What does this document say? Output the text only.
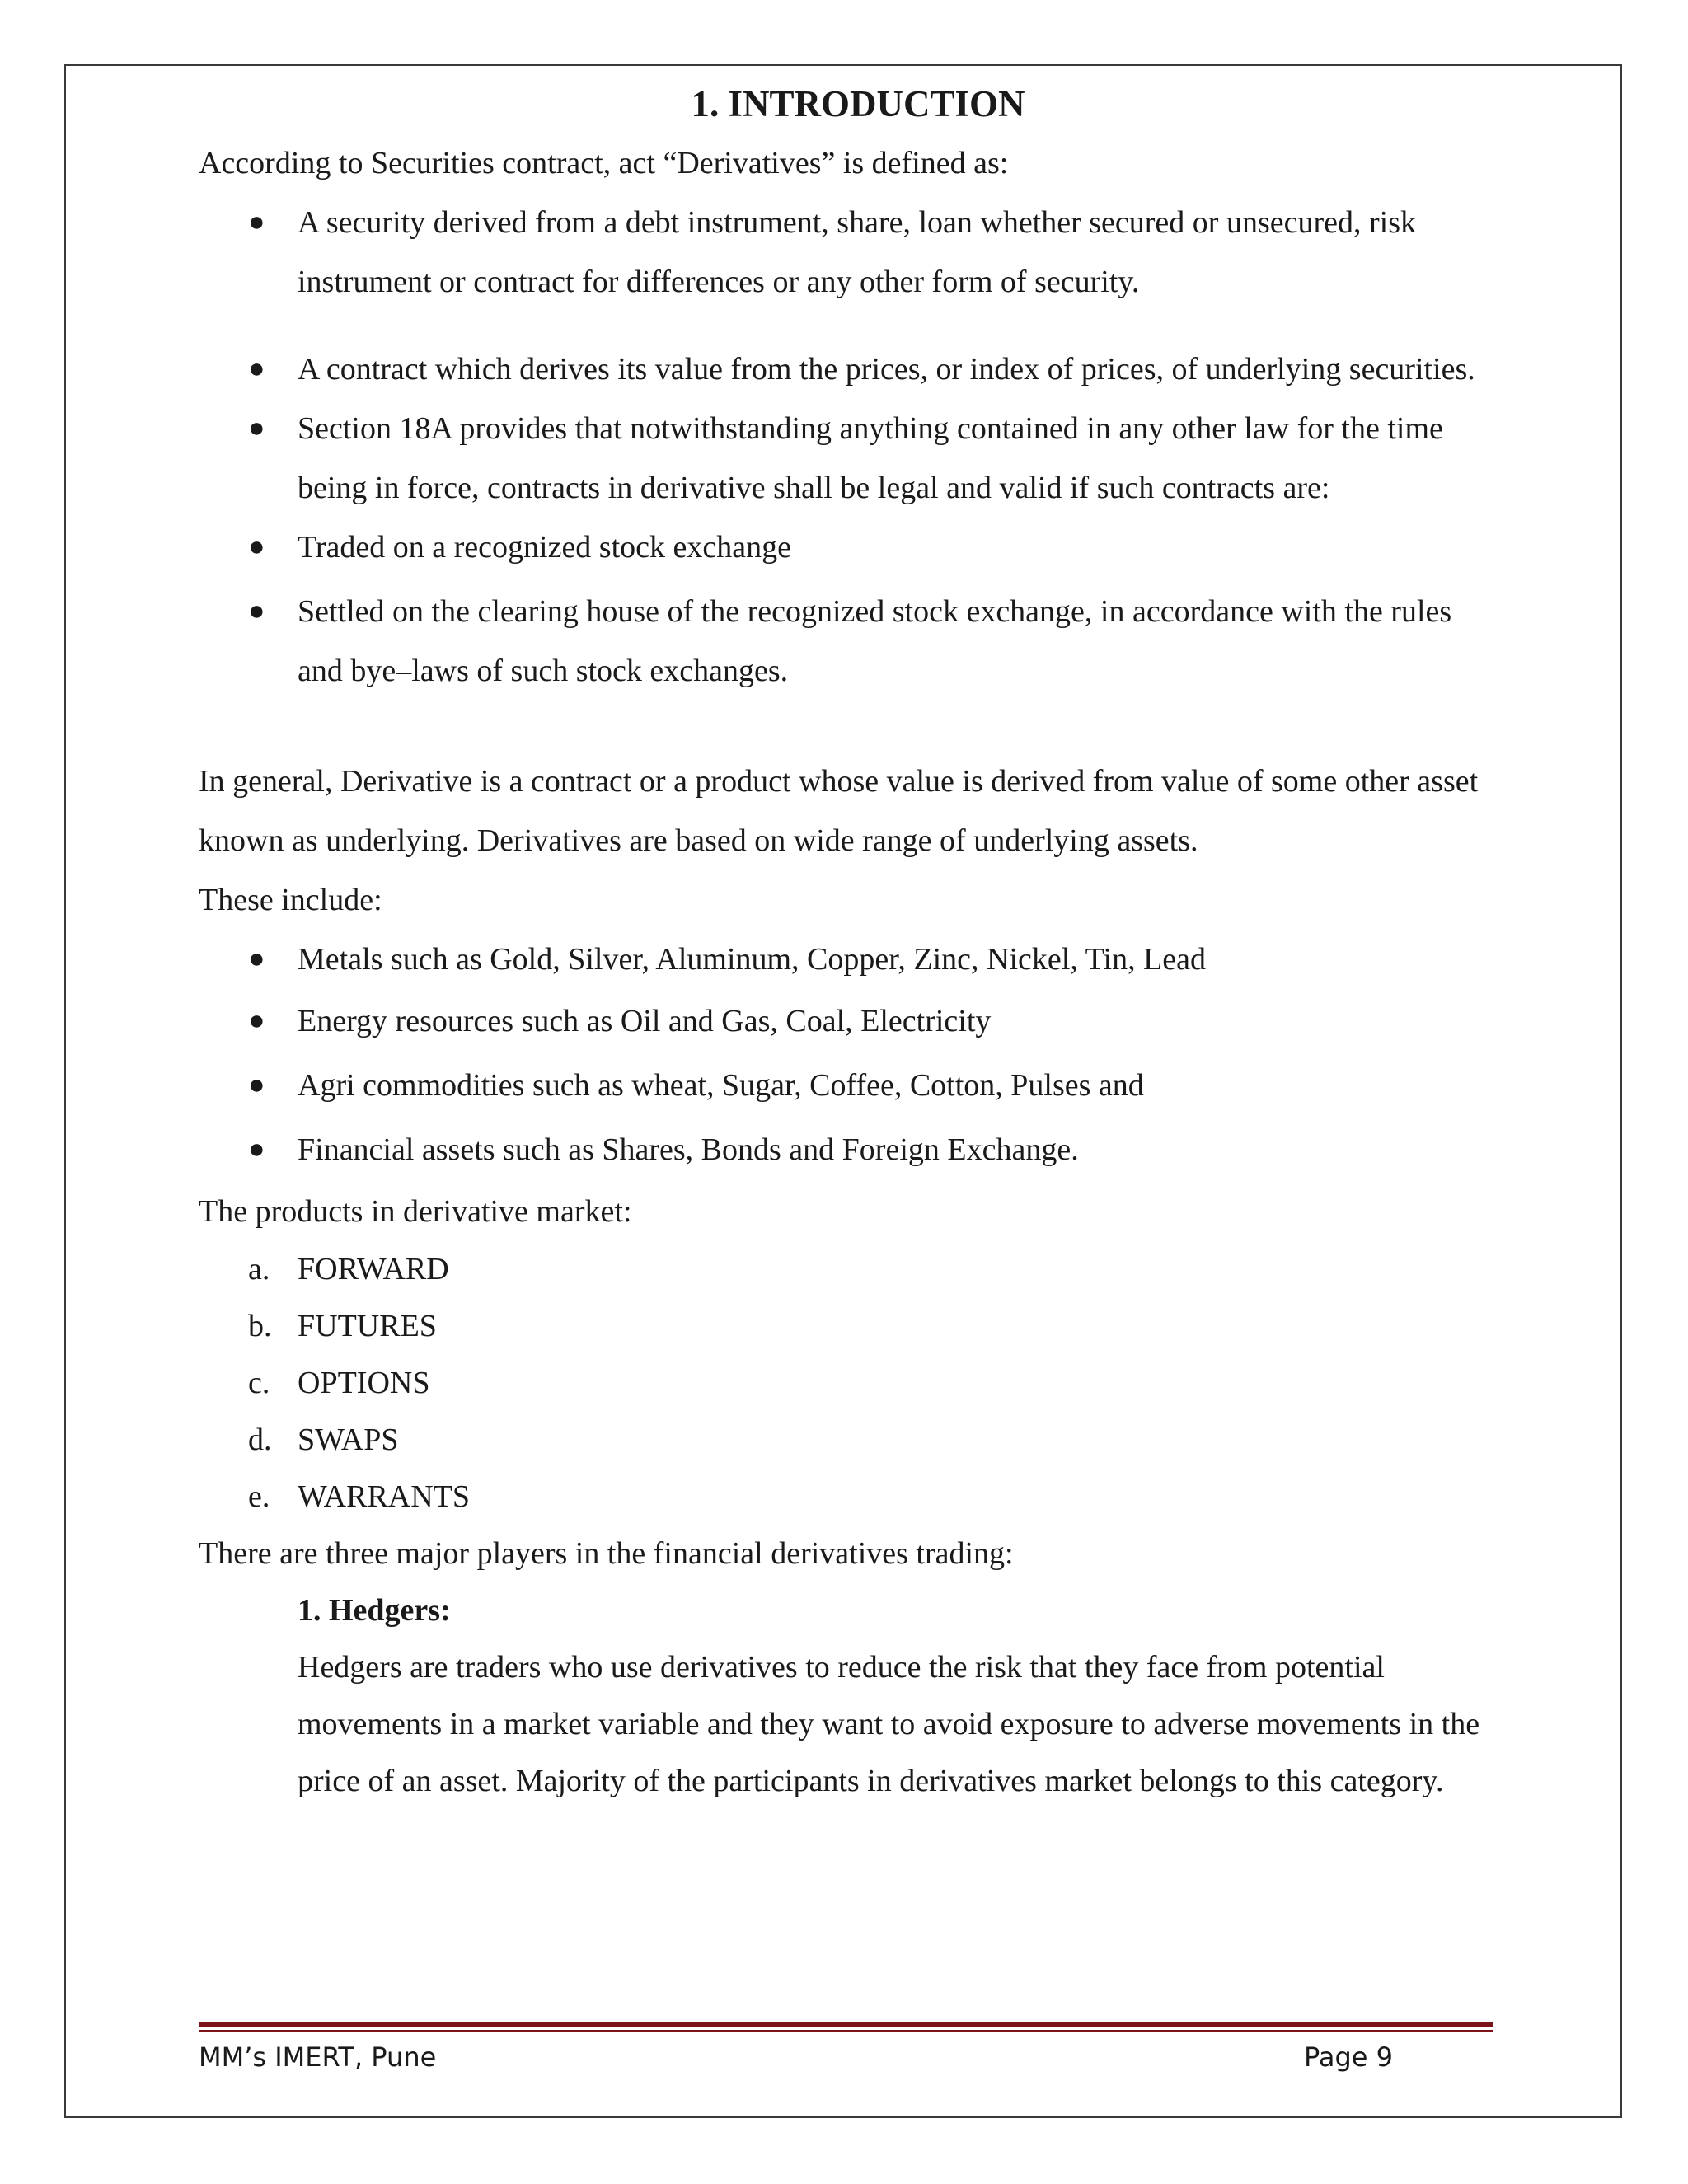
1. INTRODUCTION

According to Securities contract, act “Derivatives” is defined as:

● A security derived from a debt instrument, share, loan whether secured or unsecured, risk instrument or contract for differences or any other form of security.
● A contract which derives its value from the prices, or index of prices, of underlying securities.
● Section 18A provides that notwithstanding anything contained in any other law for the time being in force, contracts in derivative shall be legal and valid if such contracts are:
● Traded on a recognized stock exchange
● Settled on the clearing house of the recognized stock exchange, in accordance with the rules and bye–laws of such stock exchanges.

In general, Derivative is a contract or a product whose value is derived from value of some other asset known as underlying. Derivatives are based on wide range of underlying assets.

These include:

● Metals such as Gold, Silver, Aluminum, Copper, Zinc, Nickel, Tin, Lead
● Energy resources such as Oil and Gas, Coal, Electricity
● Agri commodities such as wheat, Sugar, Coffee, Cotton, Pulses and
● Financial assets such as Shares, Bonds and Foreign Exchange.

The products in derivative market:

a. FORWARD
b. FUTURES
c. OPTIONS
d. SWAPS
e. WARRANTS

There are three major players in the financial derivatives trading:

1. Hedgers:
Hedgers are traders who use derivatives to reduce the risk that they face from potential movements in a market variable and they want to avoid exposure to adverse movements in the price of an asset. Majority of the participants in derivatives market belongs to this category.
MM’s IMERT, Pune	Page 9
